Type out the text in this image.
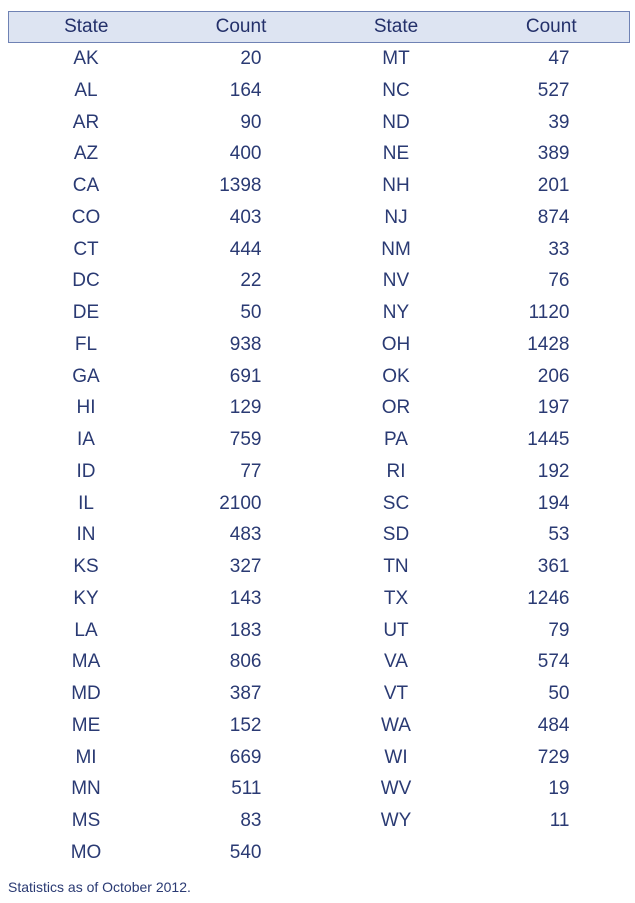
State	Count	State	Count
AK	20	MT	47
AL	164	NC	527
AR	90	ND	39
AZ	400	NE	389
CA	1398	NH	201
CO	403	NJ	874
CT	444	NM	33
DC	22	NV	76
DE	50	NY	1120
FL	938	OH	1428
GA	691	OK	206
HI	129	OR	197
IA	759	PA	1445
ID	77	RI	192
IL	2100	SC	194
IN	483	SD	53
KS	327	TN	361
KY	143	TX	1246
LA	183	UT	79
MA	806	VA	574
MD	387	VT	50
ME	152	WA	484
MI	669	WI	729
MN	511	WV	19
MS	83	WY	11
MO	540		
Statistics as of October 2012.
